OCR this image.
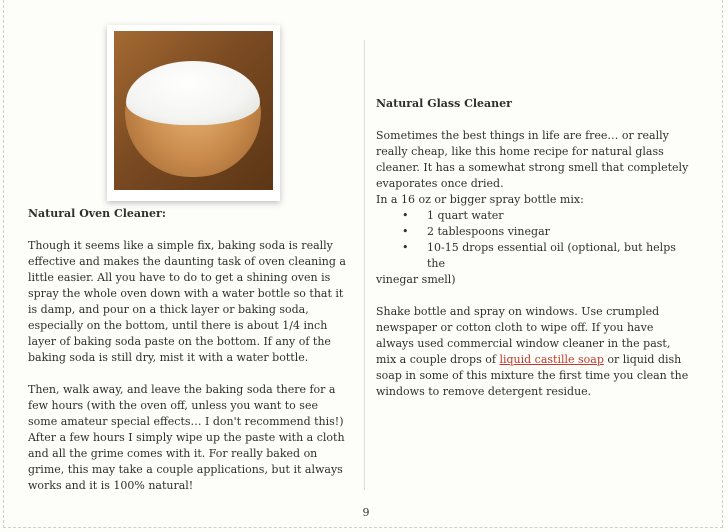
Natural Oven Cleaner:

Though it seems like a simple fix, baking soda is really effective and makes the daunting task of oven cleaning a little easier. All you have to do to get a shining oven is spray the whole oven down with a water bottle so that it is damp, and pour on a thick layer or baking soda, especially on the bottom, until there is about 1/4 inch layer of baking soda paste on the bottom. If any of the baking soda is still dry, mist it with a water bottle.

Then, walk away, and leave the baking soda there for a few hours (with the oven off, unless you want to see some amateur special effects… I don't recommend this!) After a few hours I simply wipe up the paste with a cloth and all the grime comes with it. For really baked on grime, this may take a couple applications, but it always works and it is 100% natural!

Natural Glass Cleaner

Sometimes the best things in life are free… or really really cheap, like this home recipe for natural glass cleaner. It has a somewhat strong smell that completely evaporates once dried.

In a 16 oz or bigger spray bottle mix:

•	1 quart water
•	2 tablespoons vinegar
•	10-15 drops essential oil (optional, but helps the

vinegar smell)

Shake bottle and spray on windows. Use crumpled newspaper or cotton cloth to wipe off. If you have always used commercial window cleaner in the past, mix a couple drops of liquid castille soap or liquid dish soap in some of this mixture the first time you clean the windows to remove detergent residue.

9
